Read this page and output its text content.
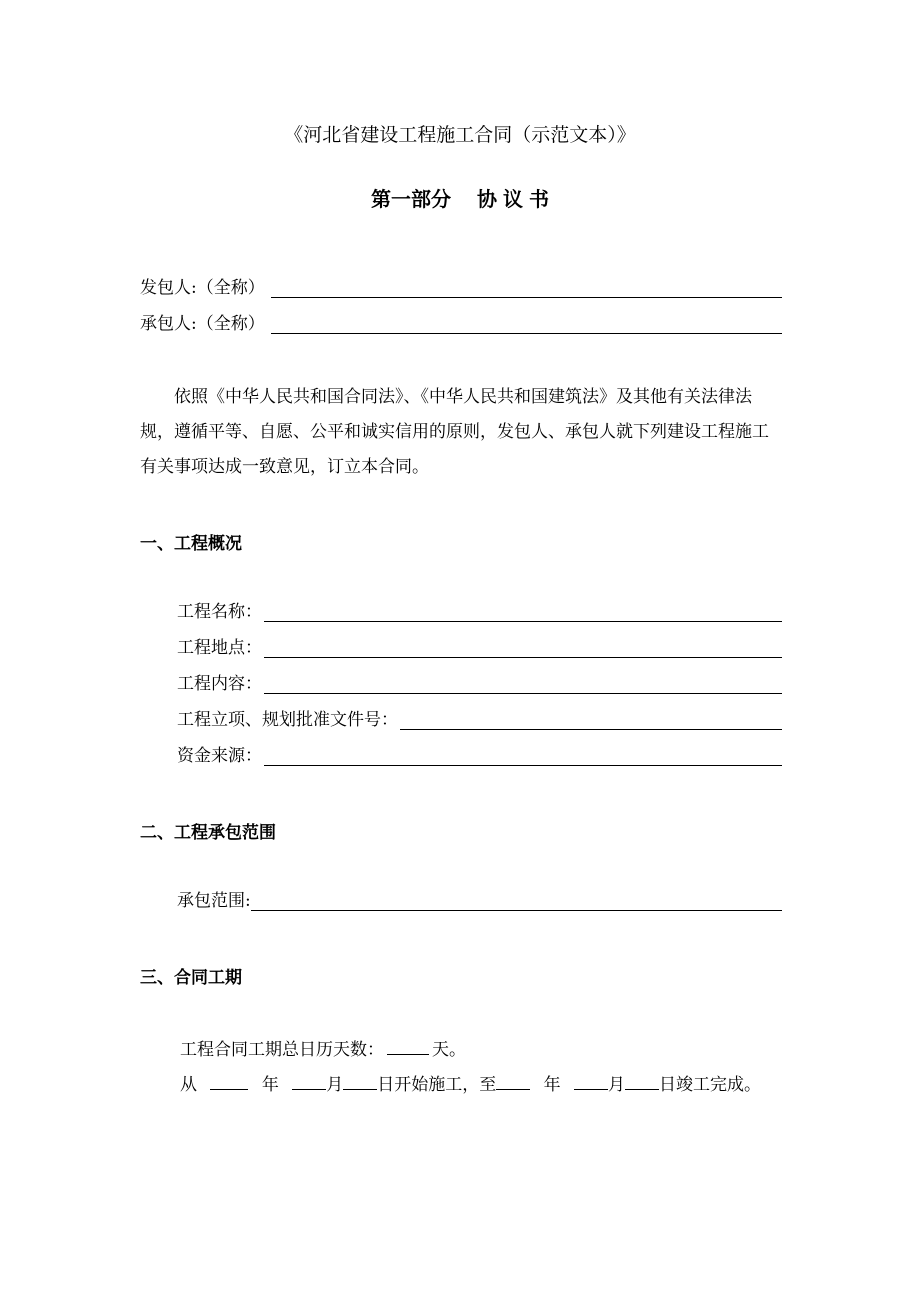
《河北省建设工程施工合同（示范文本）》
第一部分 协 议 书
发包人:（全称）
承包人:（全称）
依照《中华人民共和国合同法》、《中华人民共和国建筑法》及其他有关法律法规，遵循平等、自愿、公平和诚实信用的原则，发包人、承包人就下列建设工程施工有关事项达成一致意见，订立本合同。
一、工程概况
工程名称：
工程地点：
工程内容：
工程立项、规划批准文件号：
资金来源：
二、工程承包范围
承包范围:
三、合同工期
工程合同工期总日历天数：	天。
从	年	月 日开始施工，至	年	月 日竣工完成。
